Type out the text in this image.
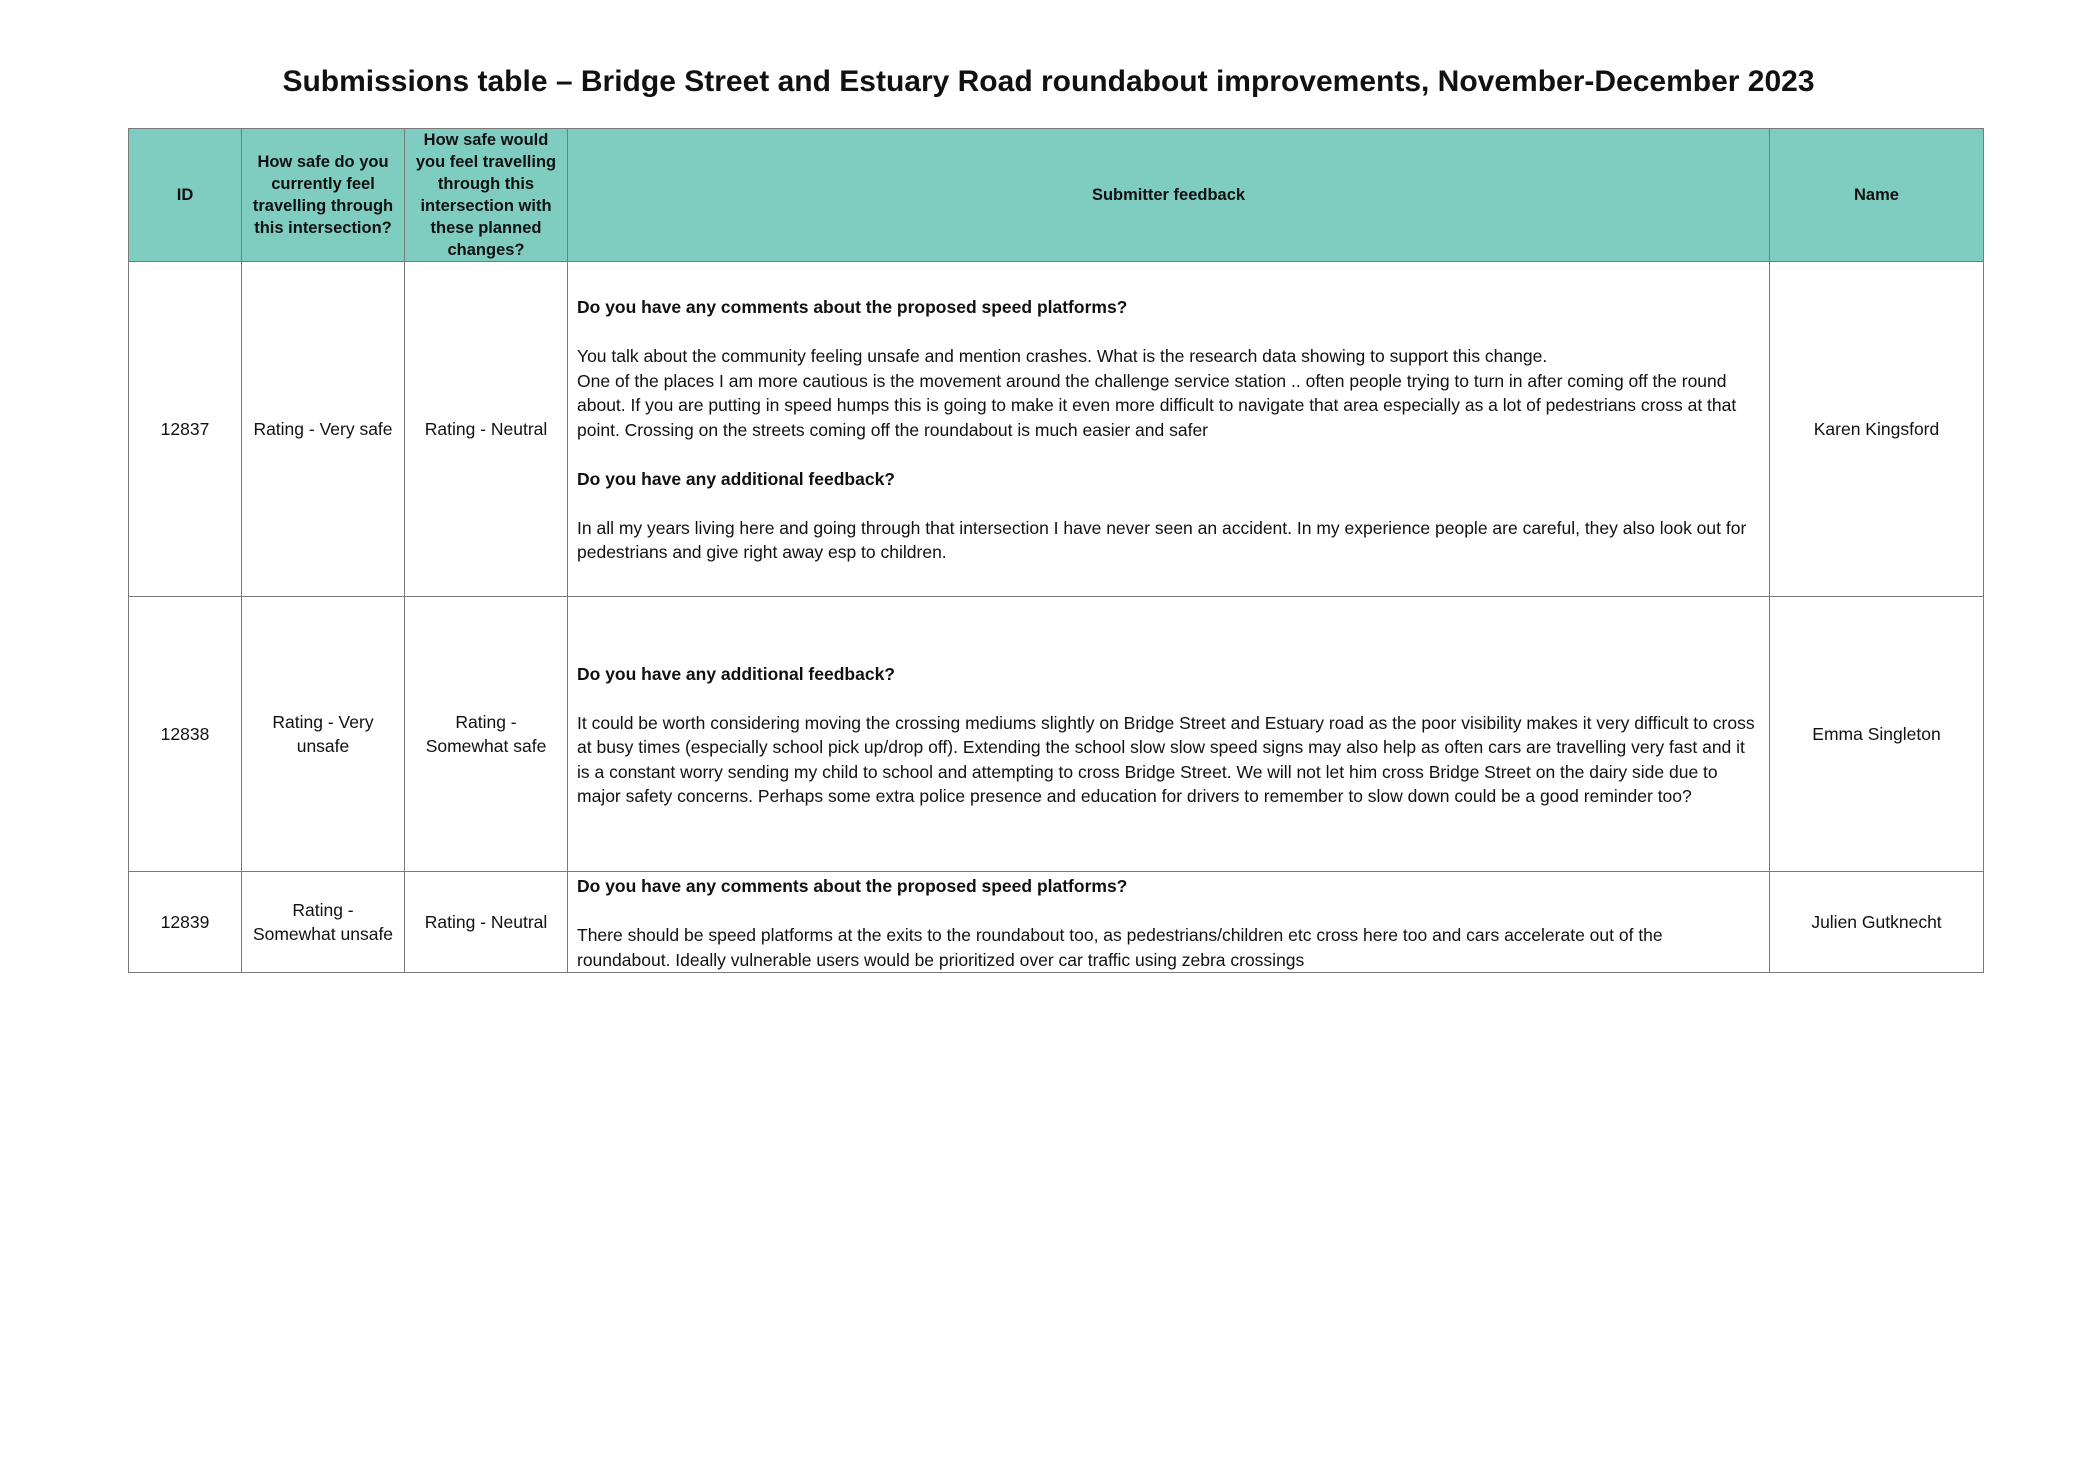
Submissions table – Bridge Street and Estuary Road roundabout improvements, November-December 2023
ID	How safe do you currently feel travelling through this intersection?	How safe would you feel travelling through this intersection with these planned changes?	Submitter feedback	Name
12837	Rating - Very safe	Rating - Neutral	Do you have any comments about the proposed speed platforms?

You talk about the community feeling unsafe and mention crashes. What is the research data showing to support this change.

One of the places I am more cautious is the movement around the challenge service station .. often people trying to turn in after coming off the round about. If you are putting in speed humps this is going to make it even more difficult to navigate that area especially as a lot of pedestrians cross at that point. Crossing on the streets coming off the roundabout is much easier and safer

Do you have any additional feedback?

In all my years living here and going through that intersection I have never seen an accident. In my experience people are careful, they also look out for pedestrians and give right away esp to children.	Karen Kingsford
12838	Rating - Very unsafe	Rating - Somewhat safe	Do you have any additional feedback?

It could be worth considering moving the crossing mediums slightly on Bridge Street and Estuary road as the poor visibility makes it very difficult to cross at busy times (especially school pick up/drop off). Extending the school slow slow speed signs may also help as often cars are travelling very fast and it is a constant worry sending my child to school and attempting to cross Bridge Street. We will not let him cross Bridge Street on the dairy side due to major safety concerns. Perhaps some extra police presence and education for drivers to remember to slow down could be a good reminder too?	Emma Singleton
12839	Rating - Somewhat unsafe	Rating - Neutral	Do you have any comments about the proposed speed platforms?

There should be speed platforms at the exits to the roundabout too, as pedestrians/children etc cross here too and cars accelerate out of the roundabout. Ideally vulnerable users would be prioritized over car traffic using zebra crossings	Julien Gutknecht
